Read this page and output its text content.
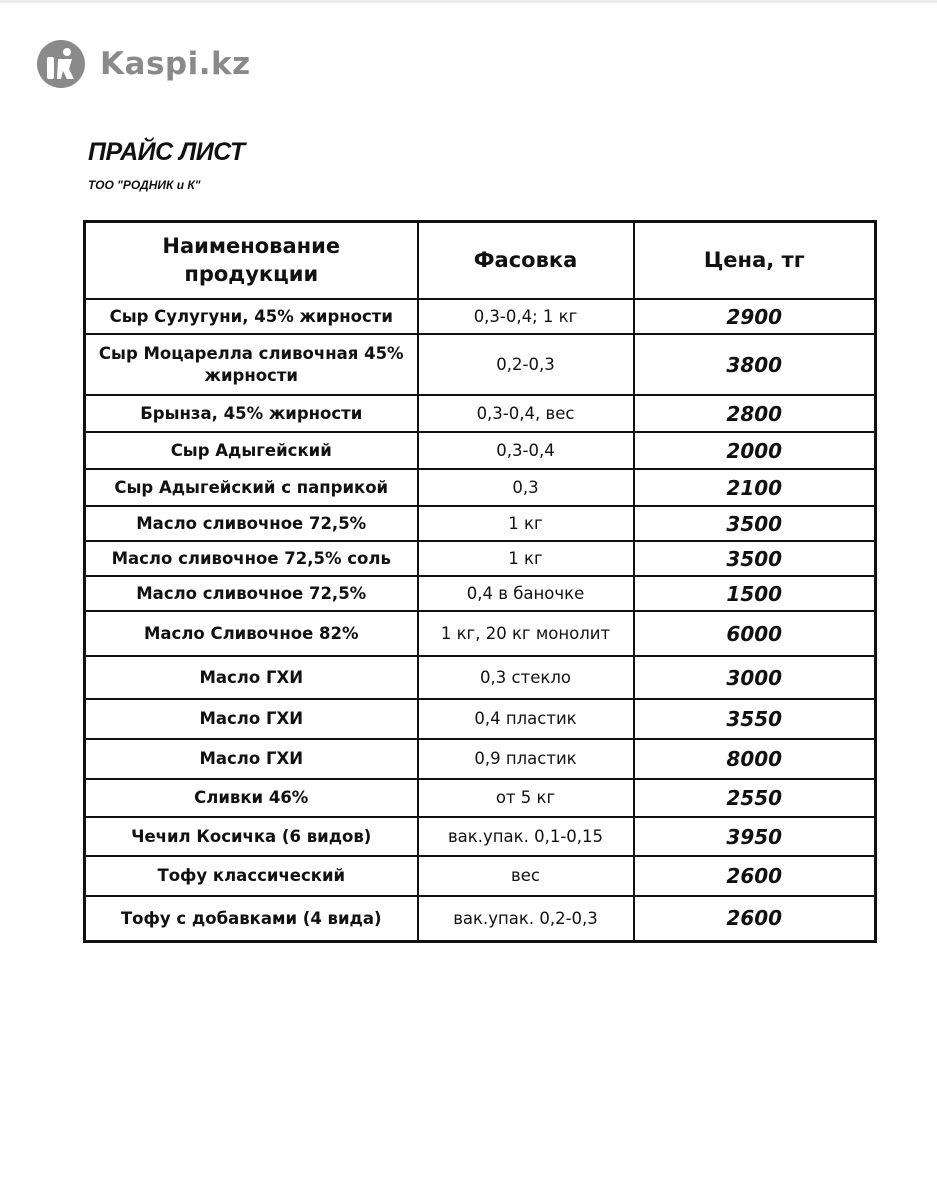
Kaspi.kz
ПРАЙС ЛИСТ
ТОО "РОДНИК и К"
Наименование продукции	Фасовка	Цена, тг
Сыр Сулугуни, 45% жирности	0,3-0,4; 1 кг	2900
Сыр Моцарелла сливочная 45% жирности	0,2-0,3	3800
Брынза, 45% жирности	0,3-0,4, вес	2800
Сыр Адыгейский	0,3-0,4	2000
Сыр Адыгейский с паприкой	0,3	2100
Масло сливочное 72,5%	1 кг	3500
Масло сливочное 72,5% соль	1 кг	3500
Масло сливочное 72,5%	0,4 в баночке	1500
Масло Сливочное 82%	1 кг, 20 кг монолит	6000
Масло ГХИ	0,3 стекло	3000
Масло ГХИ	0,4 пластик	3550
Масло ГХИ	0,9 пластик	8000
Сливки 46%	от 5 кг	2550
Чечил Косичка (6 видов)	вак.упак. 0,1-0,15	3950
Тофу классический	вес	2600
Тофу с добавками (4 вида)	вак.упак. 0,2-0,3	2600
